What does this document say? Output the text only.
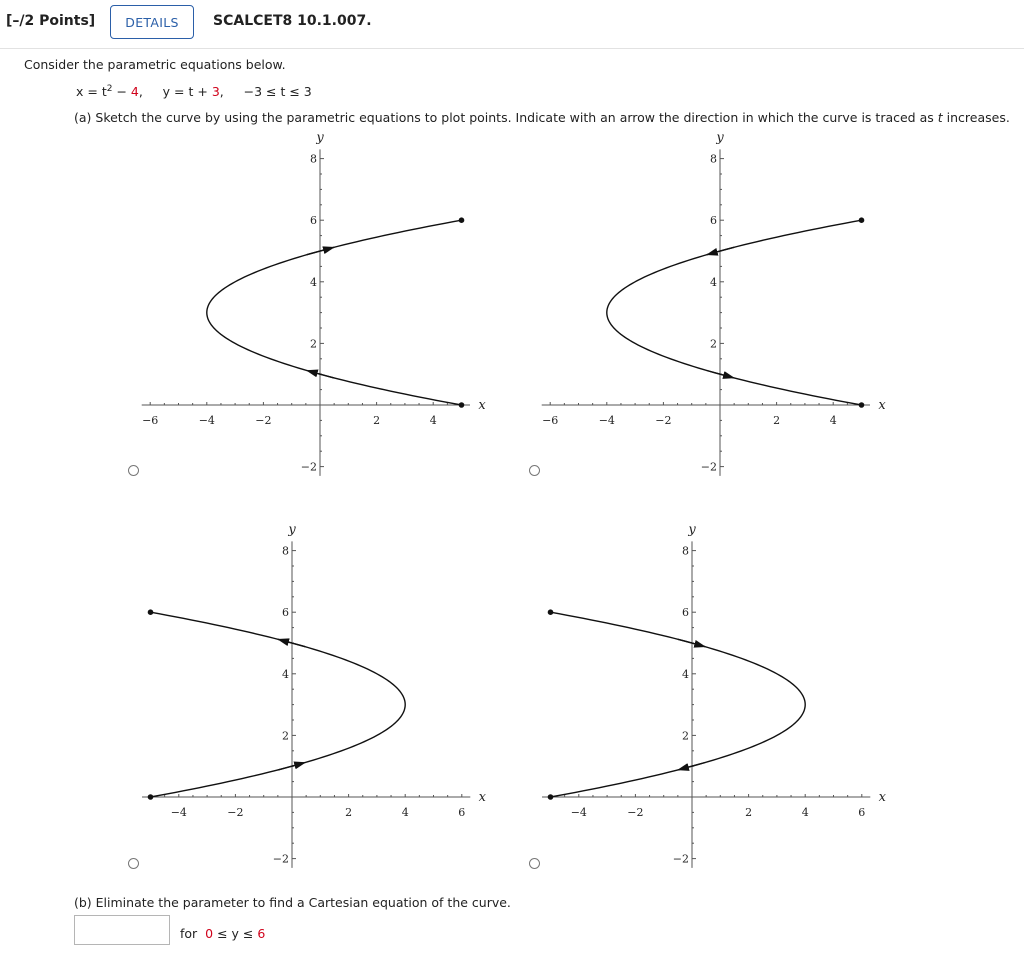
[–/2 Points]	DETAILS	SCALCET8 10.1.007.
Consider the parametric equations below.
$x = t^2 - 4$,     y = t + 3,     −3 ≤ t ≤ 3
(a) Sketch the curve by using the parametric equations to plot points. Indicate with an arrow the direction in which the curve is traced as t increases.
−6	−4	−2	2	4
8
6
4
2
−2
x
y
−6	−4	−2	2	4
8
6
4
2
−2
x
y
−4	−2	2	4	6
8
6
4
2
−2
x
y
−4	−2	2	4	6
8
6
4
2
−2
x
y
(b) Eliminate the parameter to find a Cartesian equation of the curve.
for  0 ≤ y ≤ 6
